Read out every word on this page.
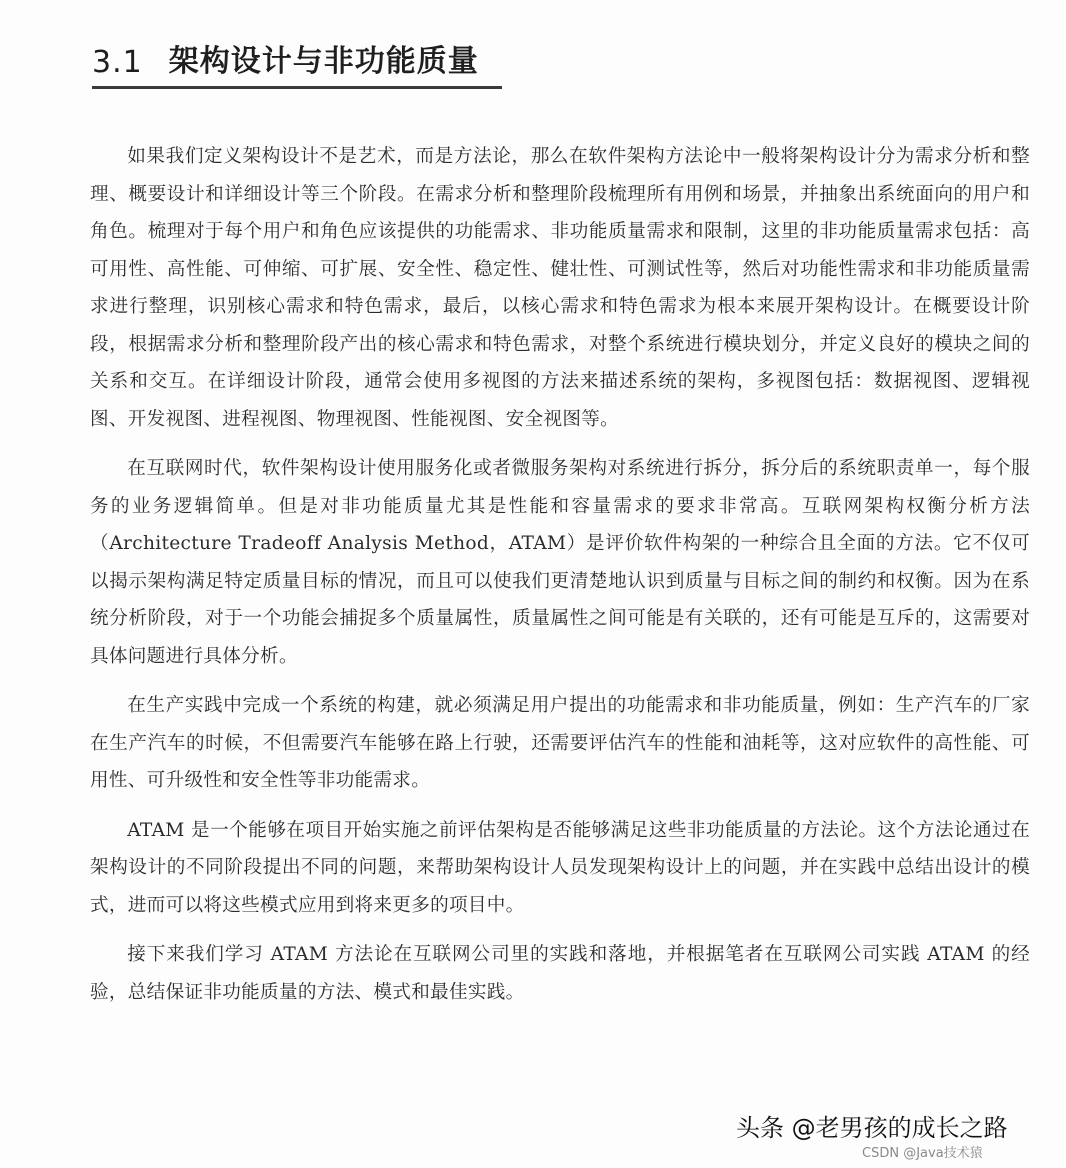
3.1 架构设计与非功能质量

如果我们定义架构设计不是艺术，而是方法论，那么在软件架构方法论中一般将架构设计分为需求分析和整理、概要设计和详细设计等三个阶段。在需求分析和整理阶段梳理所有用例和场景，并抽象出系统面向的用户和角色。梳理对于每个用户和角色应该提供的功能需求、非功能质量需求和限制，这里的非功能质量需求包括：高可用性、高性能、可伸缩、可扩展、安全性、稳定性、健壮性、可测试性等，然后对功能性需求和非功能质量需求进行整理，识别核心需求和特色需求，最后，以核心需求和特色需求为根本来展开架构设计。在概要设计阶段，根据需求分析和整理阶段产出的核心需求和特色需求，对整个系统进行模块划分，并定义良好的模块之间的关系和交互。在详细设计阶段，通常会使用多视图的方法来描述系统的架构，多视图包括：数据视图、逻辑视图、开发视图、进程视图、物理视图、性能视图、安全视图等。

在互联网时代，软件架构设计使用服务化或者微服务架构对系统进行拆分，拆分后的系统职责单一，每个服务的业务逻辑简单。但是对非功能质量尤其是性能和容量需求的要求非常高。互联网架构权衡分析方法（Architecture Tradeoff Analysis Method，ATAM）是评价软件构架的一种综合且全面的方法。它不仅可以揭示架构满足特定质量目标的情况，而且可以使我们更清楚地认识到质量与目标之间的制约和权衡。因为在系统分析阶段，对于一个功能会捕捉多个质量属性，质量属性之间可能是有关联的，还有可能是互斥的，这需要对具体问题进行具体分析。

在生产实践中完成一个系统的构建，就必须满足用户提出的功能需求和非功能质量，例如：生产汽车的厂家在生产汽车的时候，不但需要汽车能够在路上行驶，还需要评估汽车的性能和油耗等，这对应软件的高性能、可用性、可升级性和安全性等非功能需求。

ATAM 是一个能够在项目开始实施之前评估架构是否能够满足这些非功能质量的方法论。这个方法论通过在架构设计的不同阶段提出不同的问题，来帮助架构设计人员发现架构设计上的问题，并在实践中总结出设计的模式，进而可以将这些模式应用到将来更多的项目中。

接下来我们学习 ATAM 方法论在互联网公司里的实践和落地，并根据笔者在互联网公司实践 ATAM 的经验，总结保证非功能质量的方法、模式和最佳实践。

头条 @老男孩的成长之路
CSDN @Java技术猿
